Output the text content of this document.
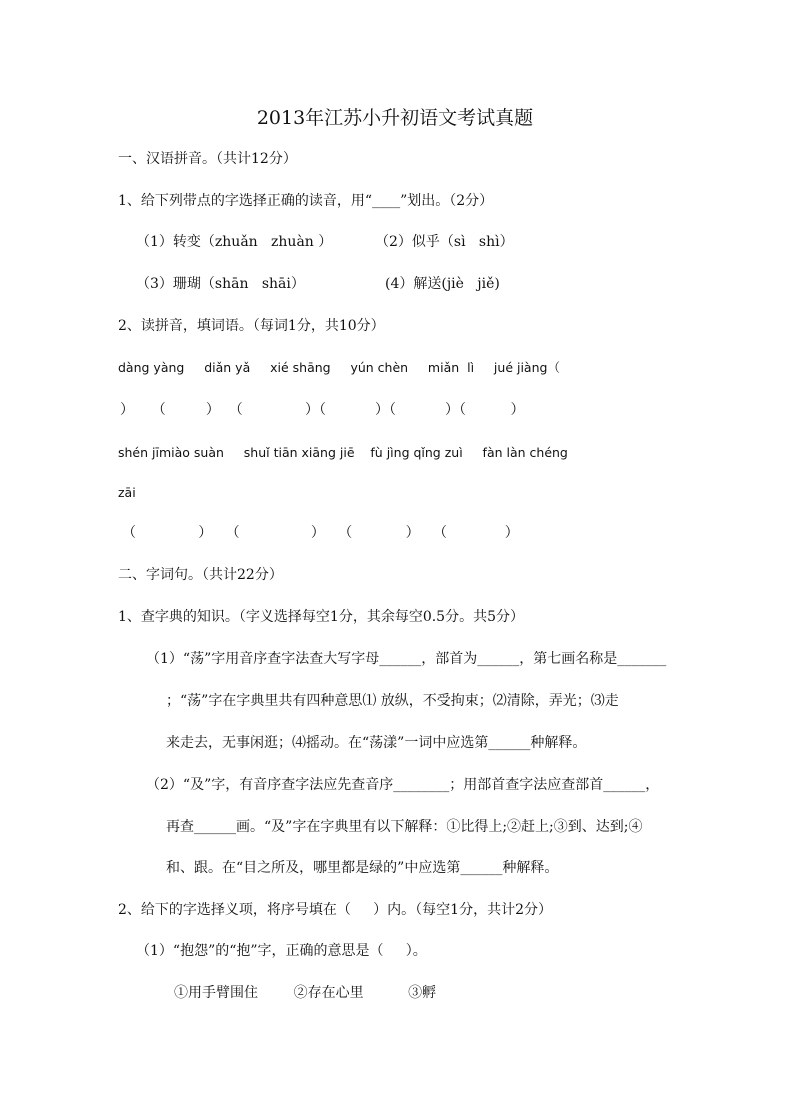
2013年江苏小升初语文考试真题
一、汉语拼音。（共计12分）
1、给下列带点的字选择正确的读音，用“____”划出。（2分）
（1）转变（zhuǎn   zhuàn ）	（2）似乎（sì   shì）
（3）珊瑚（shān   shāi）	(4）解送(jiè   jiě)
2、读拼音，填词语。（每词1分，共10分）
dàng yàng     diǎn yǎ     xié shāng     yún chèn     miǎn  lì     jué jiàng（
）    （         ）  （              ）（           ）（           ）（          ）
shén jīmiào suàn     shuǐ tiān xiāng jiē    fù jìng qǐng zuì     fàn làn chéng
zāi
（              ）   （                ）   （            ）   （             ）
二、字词句。（共计22分）
1、查字典的知识。（字义选择每空1分，其余每空0.5分。共5分）
（1）“荡”字用音序查字法查大写字母______，部首为______，第七画名称是_______
；“荡”字在字典里共有四种意思⑴ 放纵，不受拘束；⑵清除，弄光；⑶走
来走去，无事闲逛；⑷摇动。在“荡漾”一词中应选第______种解释。
（2）“及”字，有音序查字法应先查音序________；用部首查字法应查部首______，
再查______画。“及”字在字典里有以下解释：①比得上;②赶上;③到、达到;④
和、跟。在“目之所及，哪里都是绿的”中应选第______种解释。
2、给下的字选择义项，将序号填在（     ）内。（每空1分，共计2分）
（1）“抱怨”的“抱”字，正确的意思是（     ）。
①用手臂围住        ②存在心里          ③孵
